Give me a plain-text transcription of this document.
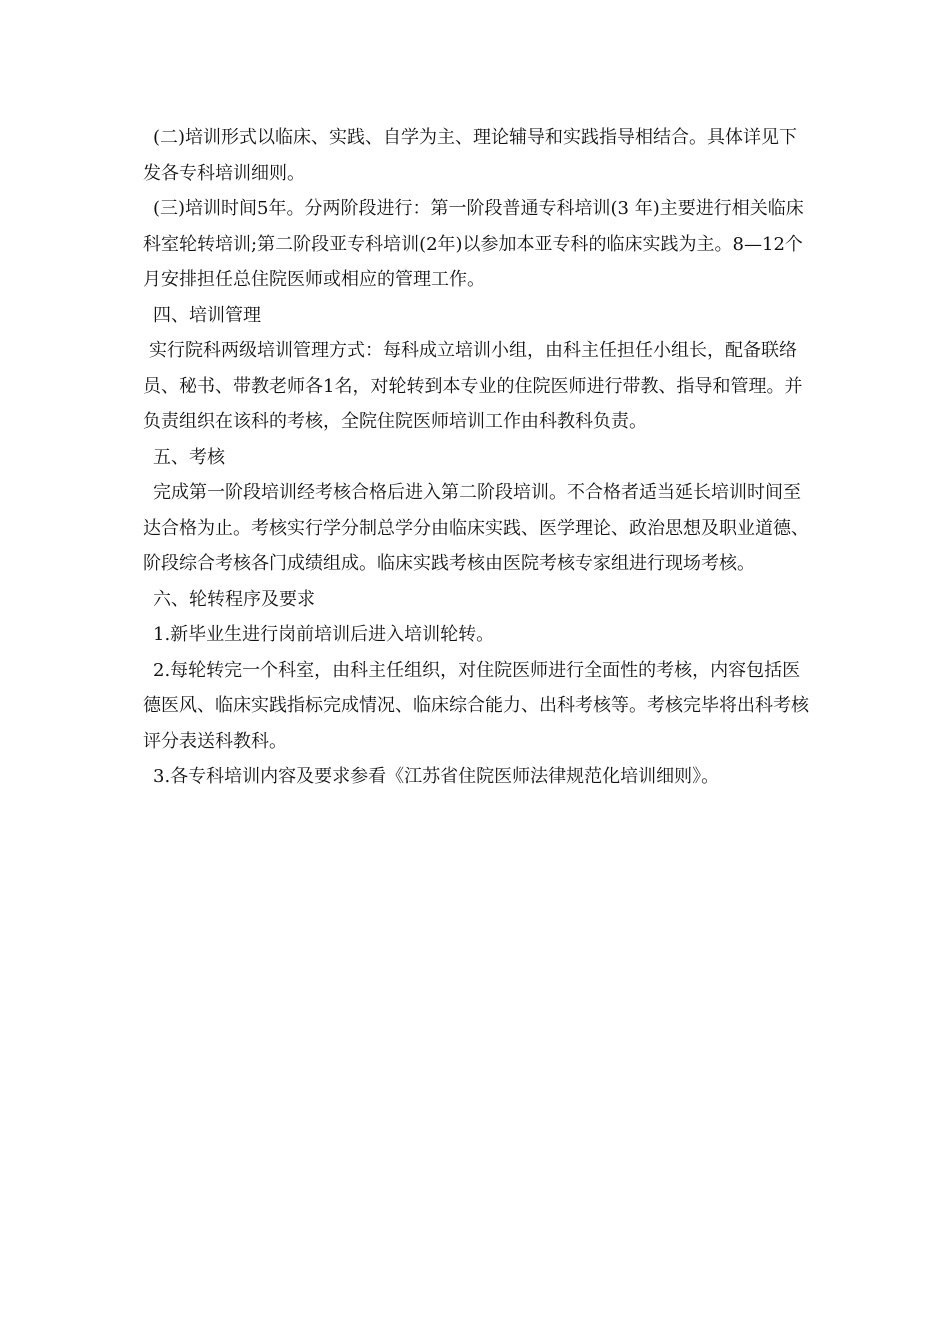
(二)培训形式以临床、实践、自学为主、理论辅导和实践指导相结合。具体详见下发各专科培训细则。

(三)培训时间5年。分两阶段进行：第一阶段普通专科培训(3 年)主要进行相关临床科室轮转培训;第二阶段亚专科培训(2年)以参加本亚专科的临床实践为主。8—12个月安排担任总住院医师或相应的管理工作。

四、培训管理

实行院科两级培训管理方式：每科成立培训小组，由科主任担任小组长，配备联络员、秘书、带教老师各1名，对轮转到本专业的住院医师进行带教、指导和管理。并负责组织在该科的考核，全院住院医师培训工作由科教科负责。

五、考核

完成第一阶段培训经考核合格后进入第二阶段培训。不合格者适当延长培训时间至达合格为止。考核实行学分制总学分由临床实践、医学理论、政治思想及职业道德、阶段综合考核各门成绩组成。临床实践考核由医院考核专家组进行现场考核。

六、轮转程序及要求

1.新毕业生进行岗前培训后进入培训轮转。

2.每轮转完一个科室，由科主任组织，对住院医师进行全面性的考核，内容包括医德医风、临床实践指标完成情况、临床综合能力、出科考核等。考核完毕将出科考核评分表送科教科。

3.各专科培训内容及要求参看《江苏省住院医师法律规范化培训细则》。
